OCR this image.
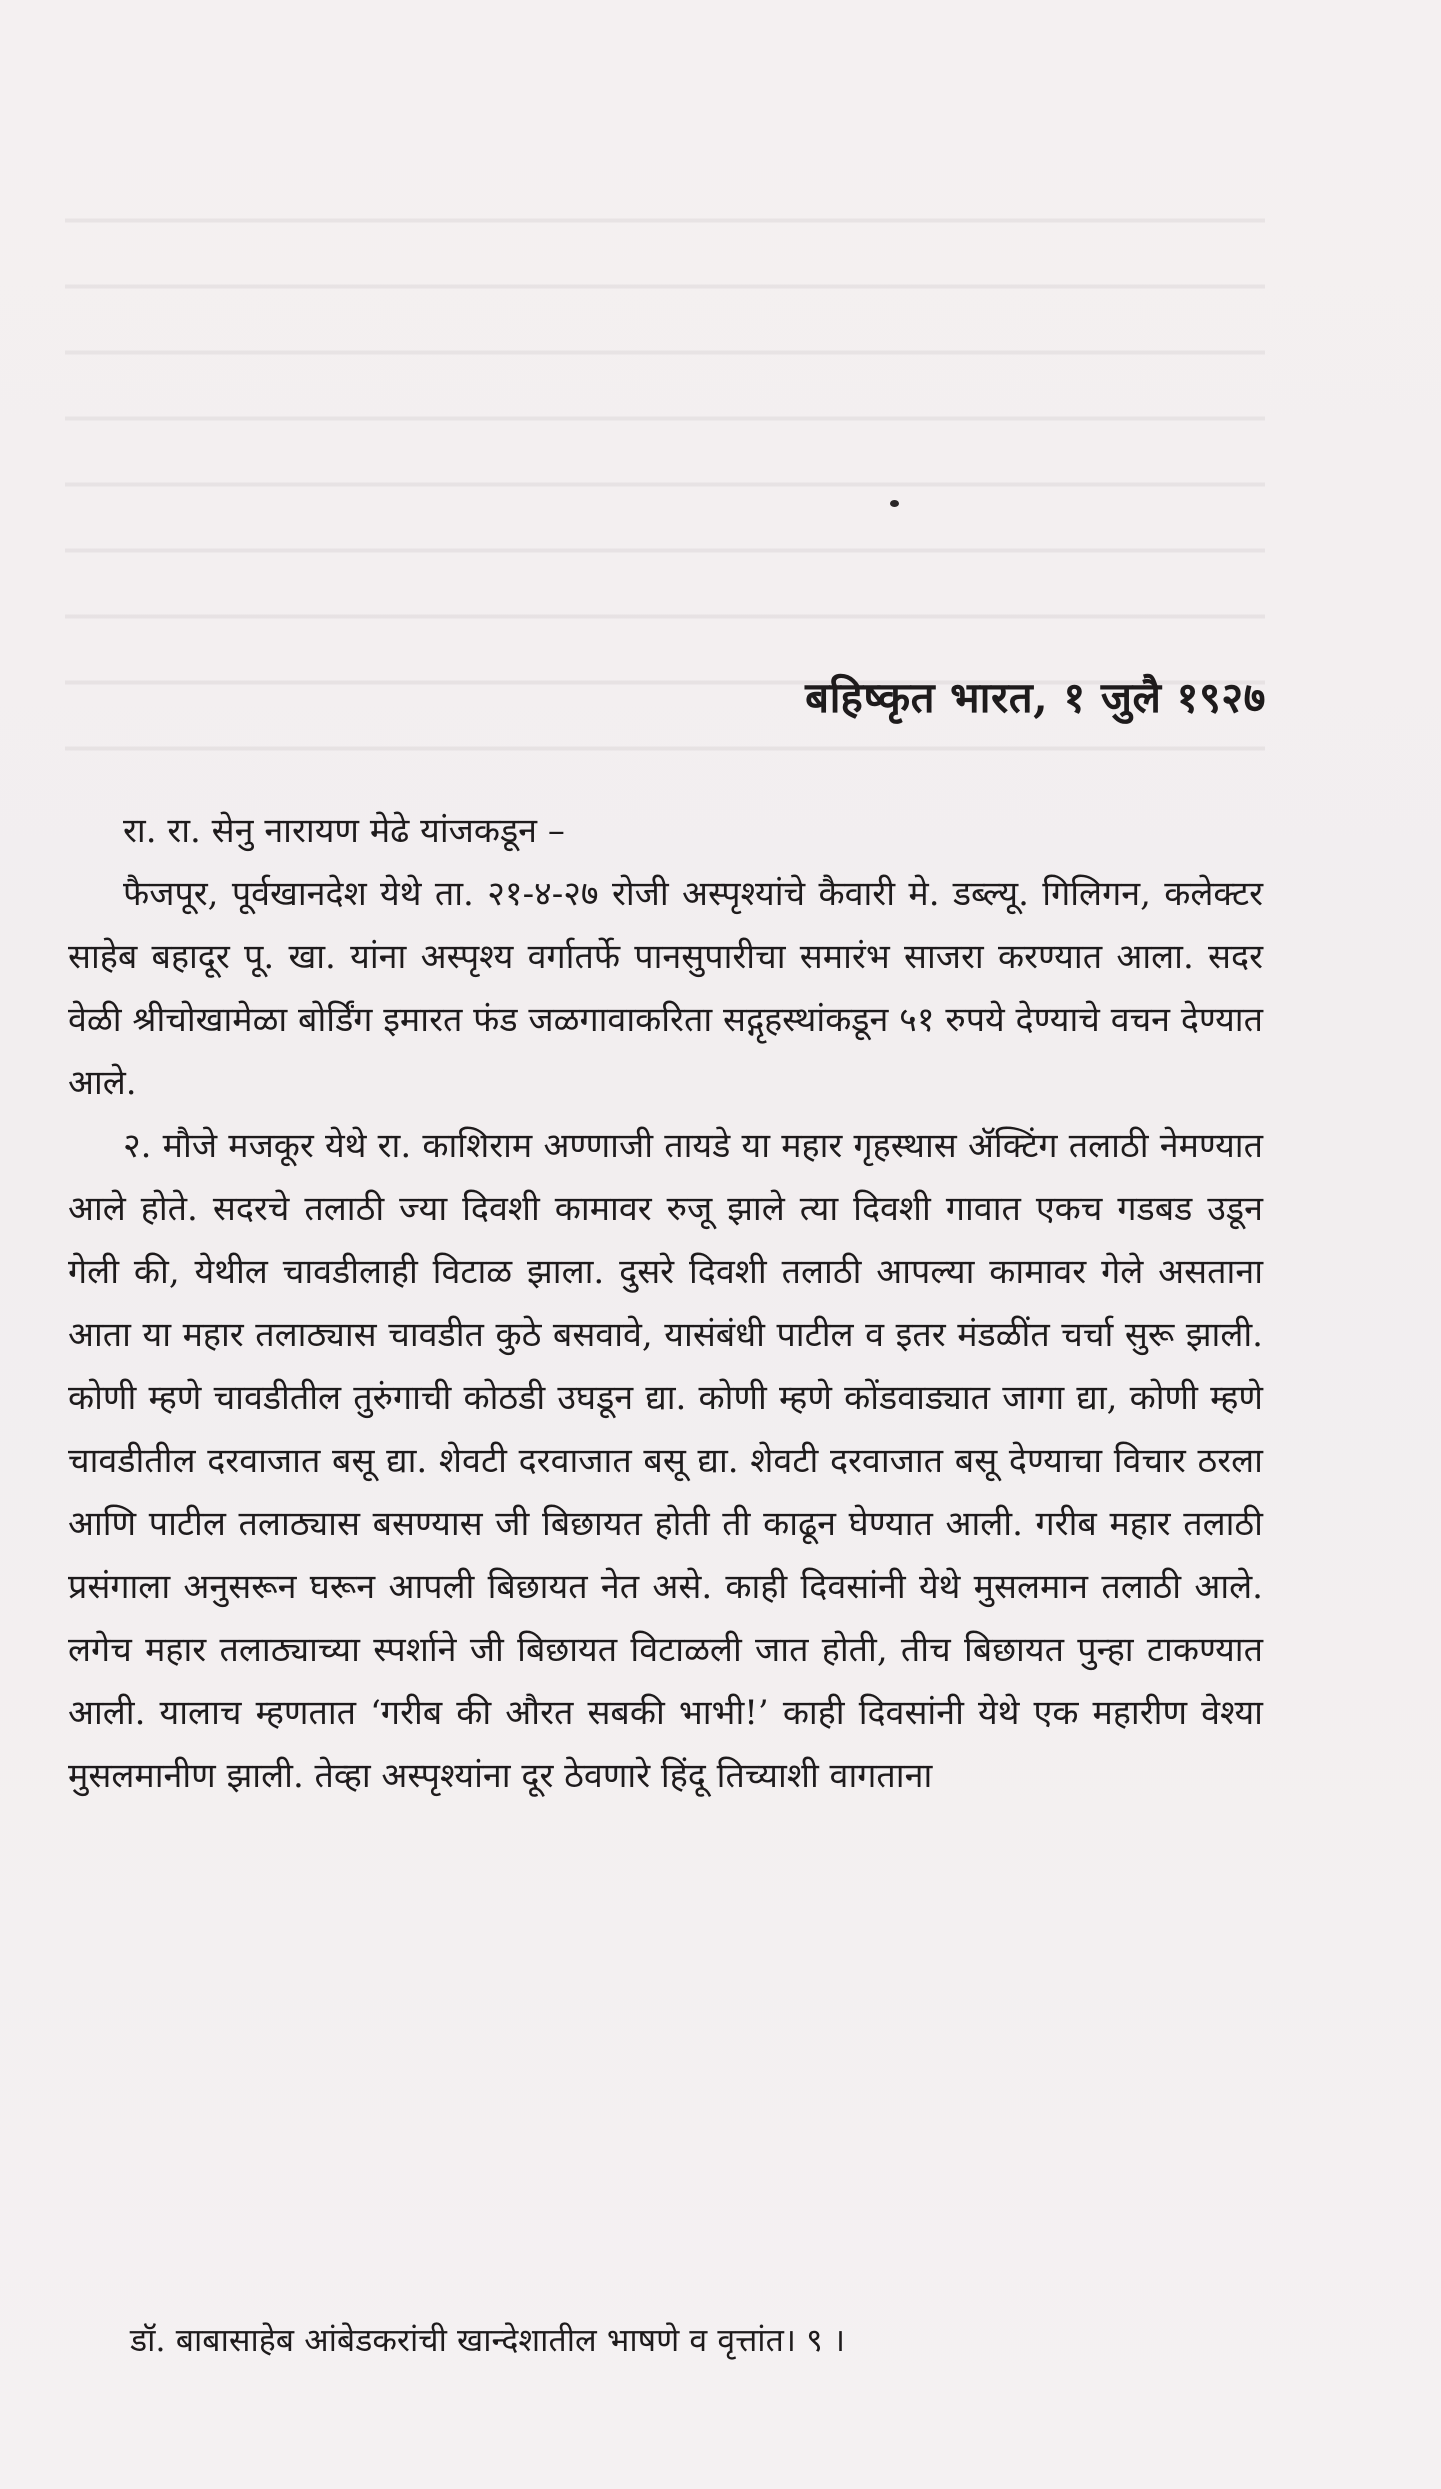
बहिष्कृत भारत, १ जुलै १९२७

रा. रा. सेनु नारायण मेढे यांजकडून –

फैजपूर, पूर्वखानदेश येथे ता. २१-४-२७ रोजी अस्पृश्यांचे कैवारी मे. डब्ल्यू. गिलिगन, कलेक्टर साहेब बहादूर पू. खा. यांना अस्पृश्य वर्गातर्फे पानसुपारीचा समारंभ साजरा करण्यात आला. सदर वेळी श्रीचोखामेळा बोर्डिंग इमारत फंड जळगावाकरिता सद्गृहस्थांकडून ५१ रुपये देण्याचे वचन देण्यात आले.

२. मौजे मजकूर येथे रा. काशिराम अण्णाजी तायडे या महार गृहस्थास ॲक्टिंग तलाठी नेमण्यात आले होते. सदरचे तलाठी ज्या दिवशी कामावर रुजू झाले त्या दिवशी गावात एकच गडबड उडून गेली की, येथील चावडीलाही विटाळ झाला. दुसरे दिवशी तलाठी आपल्या कामावर गेले असताना आता या महार तलाठ्यास चावडीत कुठे बसवावे, यासंबंधी पाटील व इतर मंडळींत चर्चा सुरू झाली. कोणी म्हणे चावडीतील तुरुंगाची कोठडी उघडून द्या. कोणी म्हणे कोंडवाड्यात जागा द्या, कोणी म्हणे चावडीतील दरवाजात बसू द्या. शेवटी दरवाजात बसू द्या. शेवटी दरवाजात बसू देण्याचा विचार ठरला आणि पाटील तलाठ्यास बसण्यास जी बिछायत होती ती काढून घेण्यात आली. गरीब महार तलाठी प्रसंगाला अनुसरून घरून आपली बिछायत नेत असे. काही दिवसांनी येथे मुसलमान तलाठी आले. लगेच महार तलाठ्याच्या स्पर्शाने जी बिछायत विटाळली जात होती, तीच बिछायत पुन्हा टाकण्यात आली. यालाच म्हणतात ‘गरीब की औरत सबकी भाभी!’ काही दिवसांनी येथे एक महारीण वेश्या मुसलमानीण झाली. तेव्हा अस्पृश्यांना दूर ठेवणारे हिंदू तिच्याशी वागताना

डॉ. बाबासाहेब आंबेडकरांची खान्देशातील भाषणे व वृत्तांत। ९ ।
